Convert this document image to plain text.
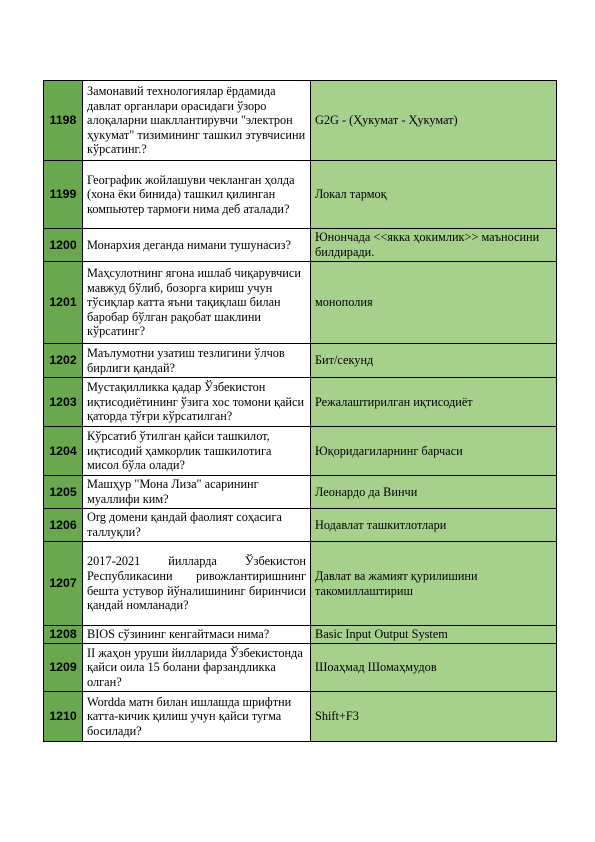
1198	Замонавий технологиялар ёрдамида давлат органлари орасидаги ўзоро алоқаларни шакллантирувчи "электрон ҳукумат" тизимининг ташкил этувчисини кўрсатинг.?	G2G - (Ҳукумат - Ҳукумат)
1199	Географик жойлашуви чекланган ҳолда (хона ёки бинида) ташкил қилинган компьютер тармоғи нима деб аталади?	Локал тармоқ
1200	Монархия деганда нимани тушунасиз?	Юнончада <<якка ҳокимлик>> маъносини билдиради.
1201	Маҳсулотнинг ягона ишлаб чиқарувчиси мавжуд бўлиб, бозорга кириш учун тўсиқлар катта яъни тақиқлаш билан баробар бўлган рақобат шаклини кўрсатинг?	монополия
1202	Маълумотни узатиш тезлигини ўлчов бирлиги қандай?	Бит/секунд
1203	Мустақилликка қадар Ўзбекистон иқтисодиётининг ўзига хос томони қайси қаторда тўғри кўрсатилган?	Режалаштирилган иқтисодиёт
1204	Кўрсатиб ўтилган қайси ташкилот, иқтисодий ҳамкорлик ташкилотига мисол бўла олади?	Юқоридагиларнинг барчаси
1205	Машҳур "Мона Лиза" асарининг муаллифи ким?	Леонардо да Винчи
1206	Org домени қандай фаолият соҳасига таллуқли?	Нодавлат ташкитлотлари
1207	2017-2021 йилларда Ўзбекистон Республикасини ривожлантиришнинг бешта устувор йўналишининг биринчиси қандай номланади?	Давлат ва жамият қурилишини такомиллаштириш
1208	BIOS сўзининг кенгайтмаси нима?	Basic Input Output System
1209	II жаҳон уруши йилларида Ўзбекистонда қайси оила 15 болани фарзандликка олган?	Шоаҳмад Шомаҳмудов
1210	Wordda матн билан ишлашда шрифтни катта-кичик қилиш учун қайси тугма босилади?	Shift+F3
